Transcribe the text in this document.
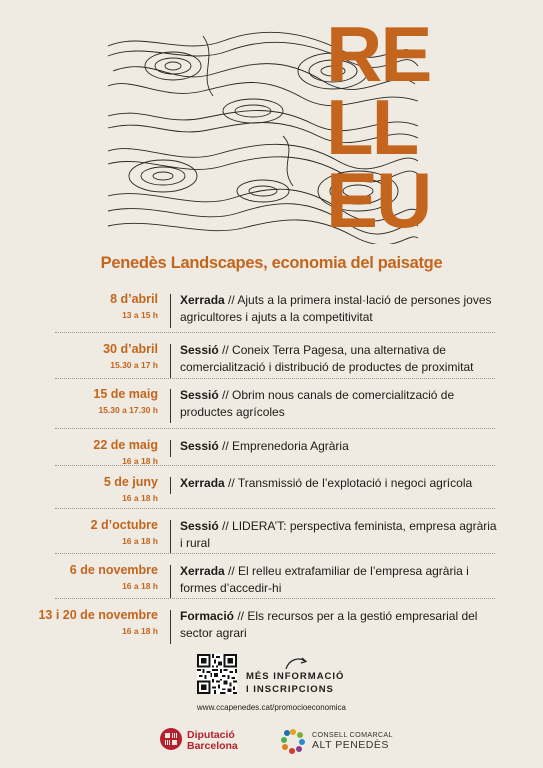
RE
LL
EU
Penedès Landscapes, economia del paisatge
8 d’abril
13 a 15 h
Xerrada // Ajuts a la primera instal·lació de persones joves agricultores i ajuts a la competitivitat
30 d’abril
15.30 a 17 h
Sessió // Coneix Terra Pagesa, una alternativa de comercialització i distribució de productes de proximitat
15 de maig
15.30 a 17.30 h
Sessió // Obrim nous canals de comercialització de productes agrícoles
22 de maig
16 a 18 h
Sessió // Emprenedoria Agrària
5 de juny
16 a 18 h
Xerrada // Transmissió de l’explotació i negoci agrícola
2 d’octubre
16 a 18 h
Sessió // LIDERA’T: perspectiva feminista, empresa agrària i rural
6 de novembre
16 a 18 h
Xerrada // El relleu extrafamiliar de l’empresa agrària i formes d’accedir-hi
13 i 20 de novembre
16 a 18 h
Formació // Els recursos per a la gestió empresarial del sector agrari
MÉS INFORMACIÓ
I INSCRIPCIONS
www.ccapenedes.cat/promocioeconomica
Diputació
Barcelona
CONSELL COMARCAL
ALT PENEDÈS
